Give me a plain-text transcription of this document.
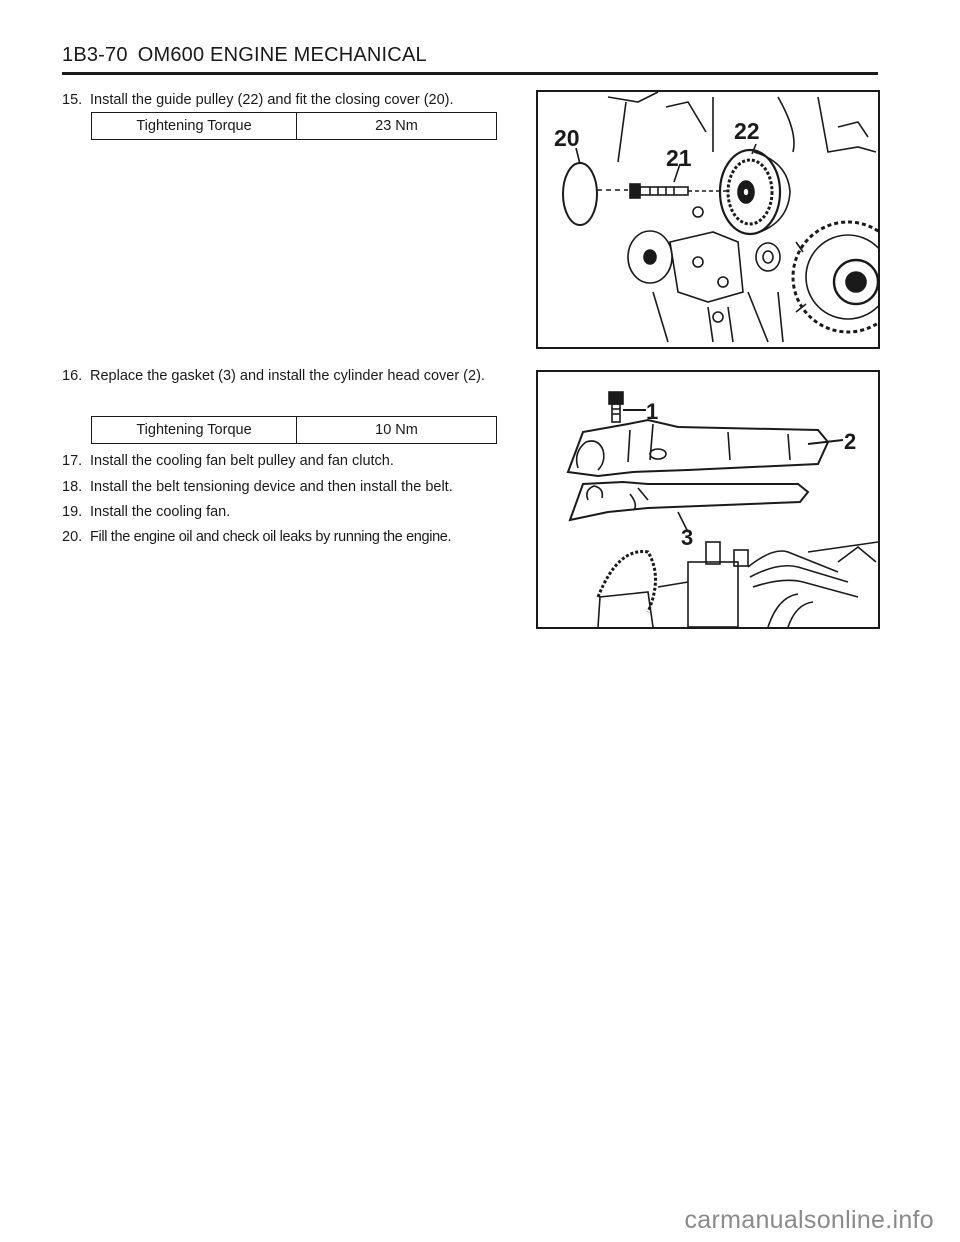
1B3-70 OM600 ENGINE MECHANICAL
15. Install the guide pulley (22) and fit the closing cover (20).
Tightening Torque	23 Nm
16. Replace the gasket (3) and install the cylinder head cover (2).
Tightening Torque	10 Nm
17. Install the cooling fan belt pulley and fan clutch.
18. Install the belt tensioning device and then install the belt.
19. Install the cooling fan.
20. Fill the engine oil and check oil leaks by running the engine.
20
21
22
1
2
3
carmanualsonline.info
